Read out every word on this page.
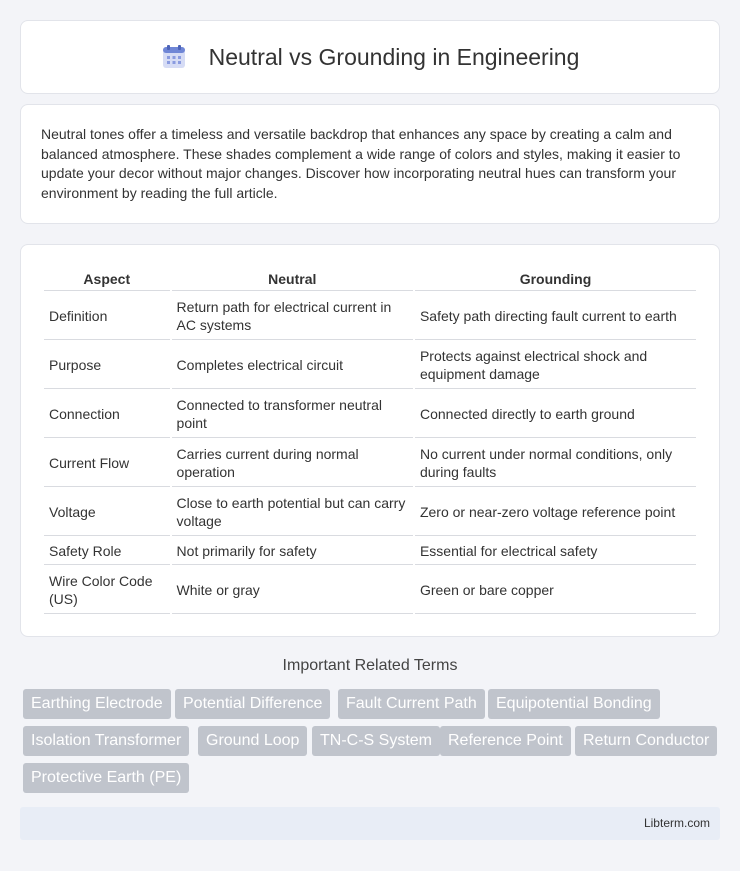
Neutral vs Grounding in Engineering

Neutral tones offer a timeless and versatile backdrop that enhances any space by creating a calm and balanced atmosphere. These shades complement a wide range of colors and styles, making it easier to update your decor without major changes. Discover how incorporating neutral hues can transform your environment by reading the full article.

Aspect	Neutral	Grounding
Definition	Return path for electrical current in AC systems	Safety path directing fault current to earth
Purpose	Completes electrical circuit	Protects against electrical shock and equipment damage
Connection	Connected to transformer neutral point	Connected directly to earth ground
Current Flow	Carries current during normal operation	No current under normal conditions, only during faults
Voltage	Close to earth potential but can carry voltage	Zero or near-zero voltage reference point
Safety Role	Not primarily for safety	Essential for electrical safety
Wire Color Code (US)	White or gray	Green or bare copper
Important Related Terms
Earthing Electrode	Potential Difference	Fault Current Path	Equipotential Bonding
Isolation Transformer	Ground Loop	TN-C-S System	Reference Point	Return Conductor
Protective Earth (PE)
Libterm.com
